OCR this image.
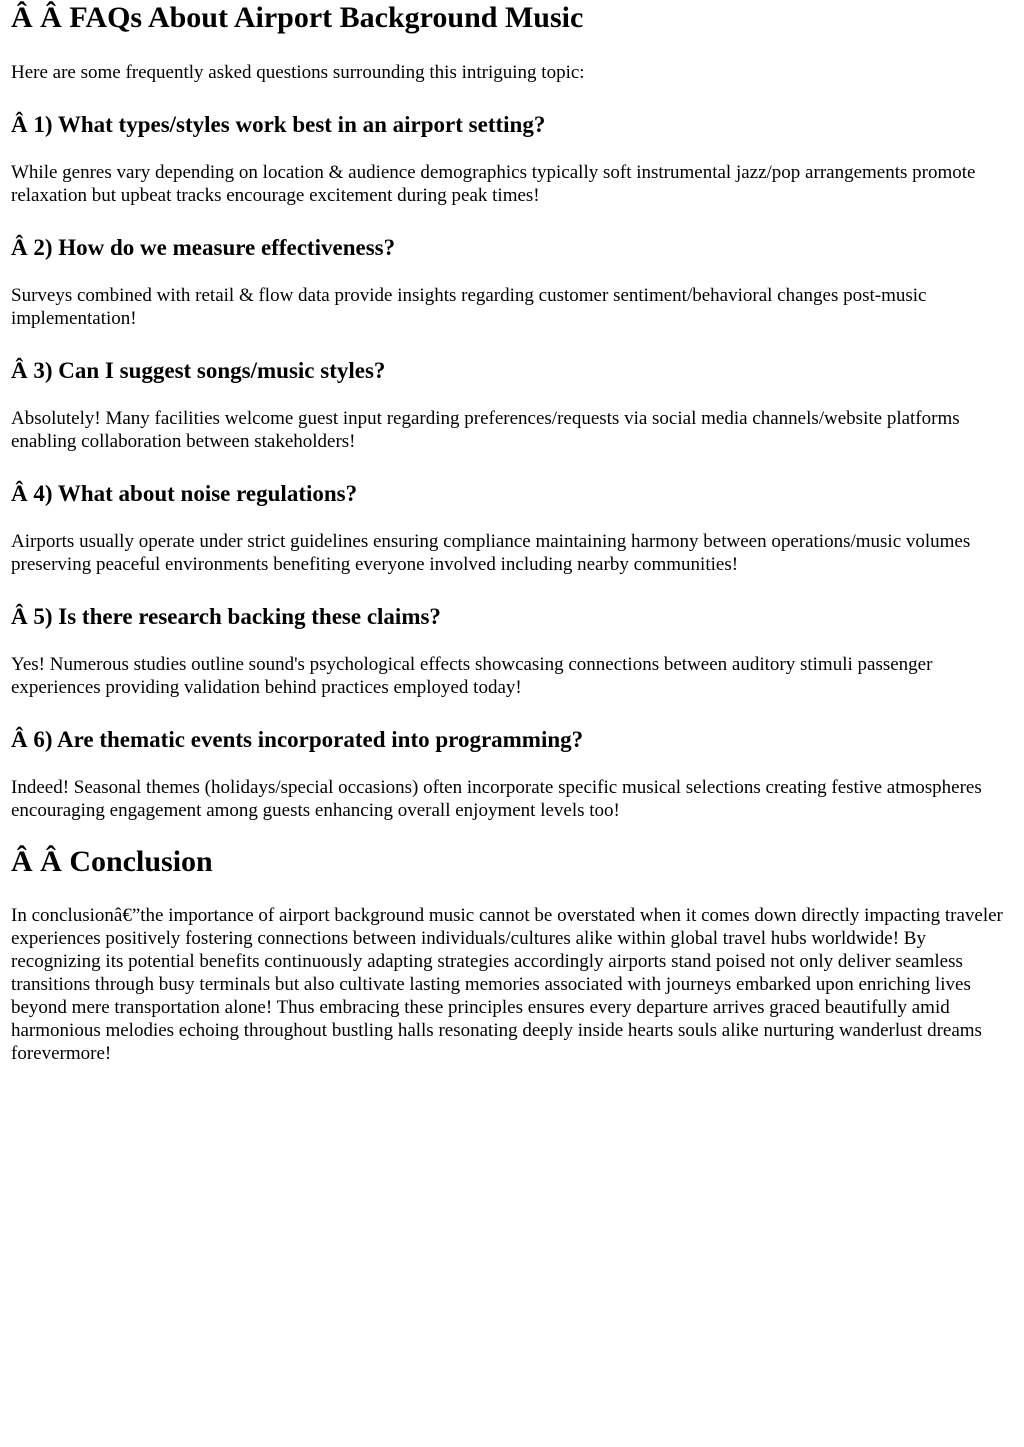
Â Â FAQs About Airport Background Music

Here are some frequently asked questions surrounding this intriguing topic:

Â 1) What types/styles work best in an airport setting?

While genres vary depending on location & audience demographics typically soft instrumental jazz/pop arrangements promote relaxation but upbeat tracks encourage excitement during peak times!

Â 2) How do we measure effectiveness?

Surveys combined with retail & flow data provide insights regarding customer sentiment/behavioral changes post-music implementation!

Â 3) Can I suggest songs/music styles?

Absolutely! Many facilities welcome guest input regarding preferences/requests via social media channels/website platforms enabling collaboration between stakeholders!

Â 4) What about noise regulations?

Airports usually operate under strict guidelines ensuring compliance maintaining harmony between operations/music volumes preserving peaceful environments benefiting everyone involved including nearby communities!

Â 5) Is there research backing these claims?

Yes! Numerous studies outline sound's psychological effects showcasing connections between auditory stimuli passenger experiences providing validation behind practices employed today!

Â 6) Are thematic events incorporated into programming?

Indeed! Seasonal themes (holidays/special occasions) often incorporate specific musical selections creating festive atmospheres encouraging engagement among guests enhancing overall enjoyment levels too!

Â Â Conclusion

In conclusionâ€”the importance of airport background music cannot be overstated when it comes down directly impacting traveler experiences positively fostering connections between individuals/cultures alike within global travel hubs worldwide! By recognizing its potential benefits continuously adapting strategies accordingly airports stand poised not only deliver seamless transitions through busy terminals but also cultivate lasting memories associated with journeys embarked upon enriching lives beyond mere transportation alone! Thus embracing these principles ensures every departure arrives graced beautifully amid harmonious melodies echoing throughout bustling halls resonating deeply inside hearts souls alike nurturing wanderlust dreams forevermore!
